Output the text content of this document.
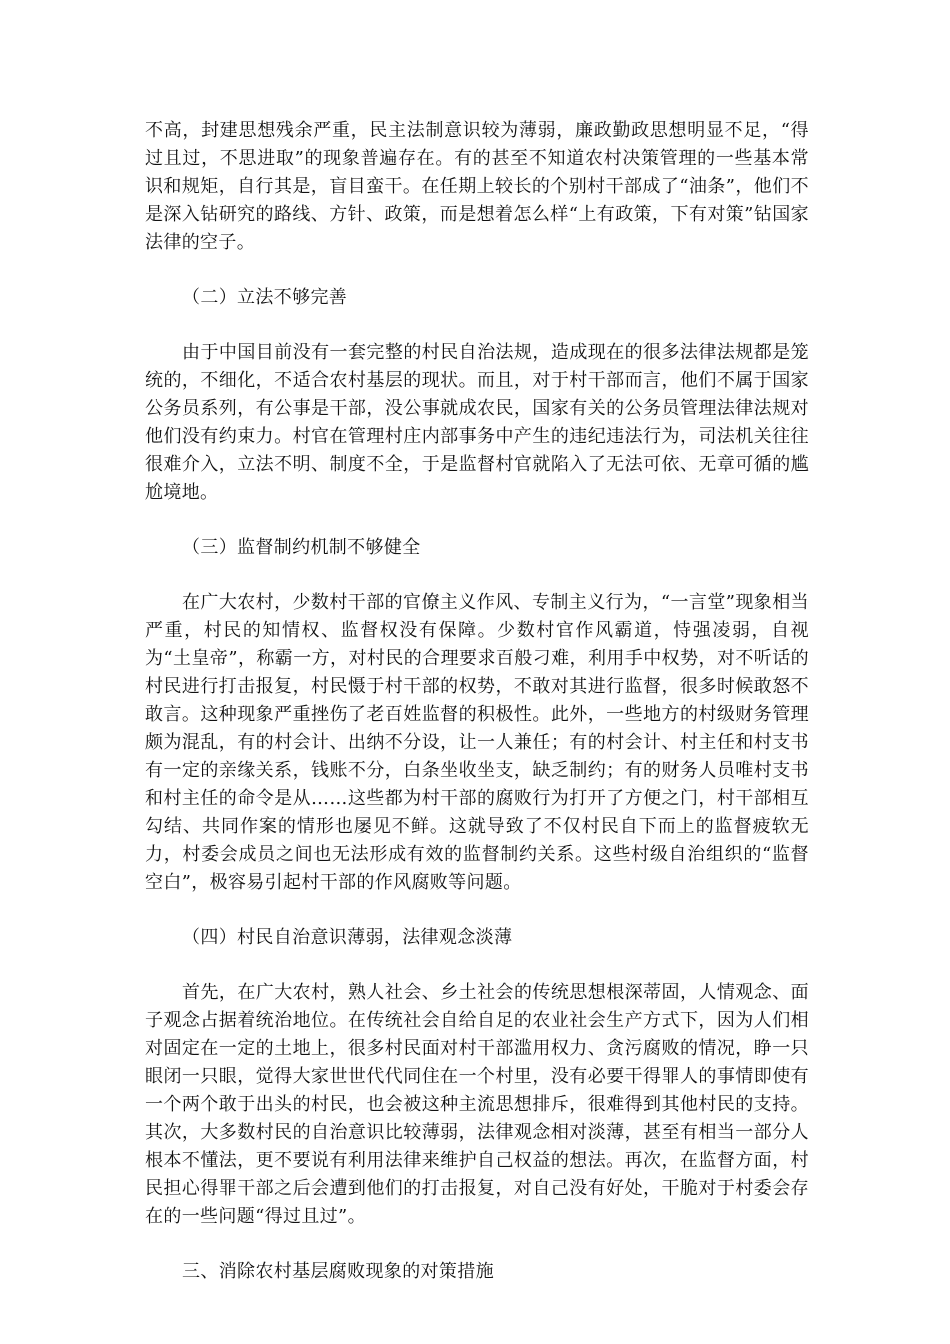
不高，封建思想残余严重，民主法制意识较为薄弱，廉政勤政思想明显不足，“得过且过，不思进取”的现象普遍存在。有的甚至不知道农村决策管理的一些基本常识和规矩，自行其是，盲目蛮干。在任期上较长的个别村干部成了“油条”，他们不是深入钻研究的路线、方针、政策，而是想着怎么样“上有政策，下有对策”钻国家法律的空子。

（二）立法不够完善

由于中国目前没有一套完整的村民自治法规，造成现在的很多法律法规都是笼统的，不细化，不适合农村基层的现状。而且，对于村干部而言，他们不属于国家公务员系列，有公事是干部，没公事就成农民，国家有关的公务员管理法律法规对他们没有约束力。村官在管理村庄内部事务中产生的违纪违法行为，司法机关往往很难介入，立法不明、制度不全，于是监督村官就陷入了无法可依、无章可循的尴尬境地。

（三）监督制约机制不够健全

在广大农村，少数村干部的官僚主义作风、专制主义行为，“一言堂”现象相当严重，村民的知情权、监督权没有保障。少数村官作风霸道，恃强凌弱，自视为“土皇帝”，称霸一方，对村民的合理要求百般刁难，利用手中权势，对不听话的村民进行打击报复，村民慑于村干部的权势，不敢对其进行监督，很多时候敢怒不敢言。这种现象严重挫伤了老百姓监督的积极性。此外，一些地方的村级财务管理颇为混乱，有的村会计、出纳不分设，让一人兼任；有的村会计、村主任和村支书有一定的亲缘关系，钱账不分，白条坐收坐支，缺乏制约；有的财务人员唯村支书和村主任的命令是从……这些都为村干部的腐败行为打开了方便之门，村干部相互勾结、共同作案的情形也屡见不鲜。这就导致了不仅村民自下而上的监督疲软无力，村委会成员之间也无法形成有效的监督制约关系。这些村级自治组织的“监督空白”，极容易引起村干部的作风腐败等问题。

（四）村民自治意识薄弱，法律观念淡薄

首先，在广大农村，熟人社会、乡土社会的传统思想根深蒂固，人情观念、面子观念占据着统治地位。在传统社会自给自足的农业社会生产方式下，因为人们相对固定在一定的土地上，很多村民面对村干部滥用权力、贪污腐败的情况，睁一只眼闭一只眼，觉得大家世世代代同住在一个村里，没有必要干得罪人的事情即使有一个两个敢于出头的村民，也会被这种主流思想排斥，很难得到其他村民的支持。其次，大多数村民的自治意识比较薄弱，法律观念相对淡薄，甚至有相当一部分人根本不懂法，更不要说有利用法律来维护自己权益的想法。再次，在监督方面，村民担心得罪干部之后会遭到他们的打击报复，对自己没有好处，干脆对于村委会存在的一些问题“得过且过”。

三、消除农村基层腐败现象的对策措施
